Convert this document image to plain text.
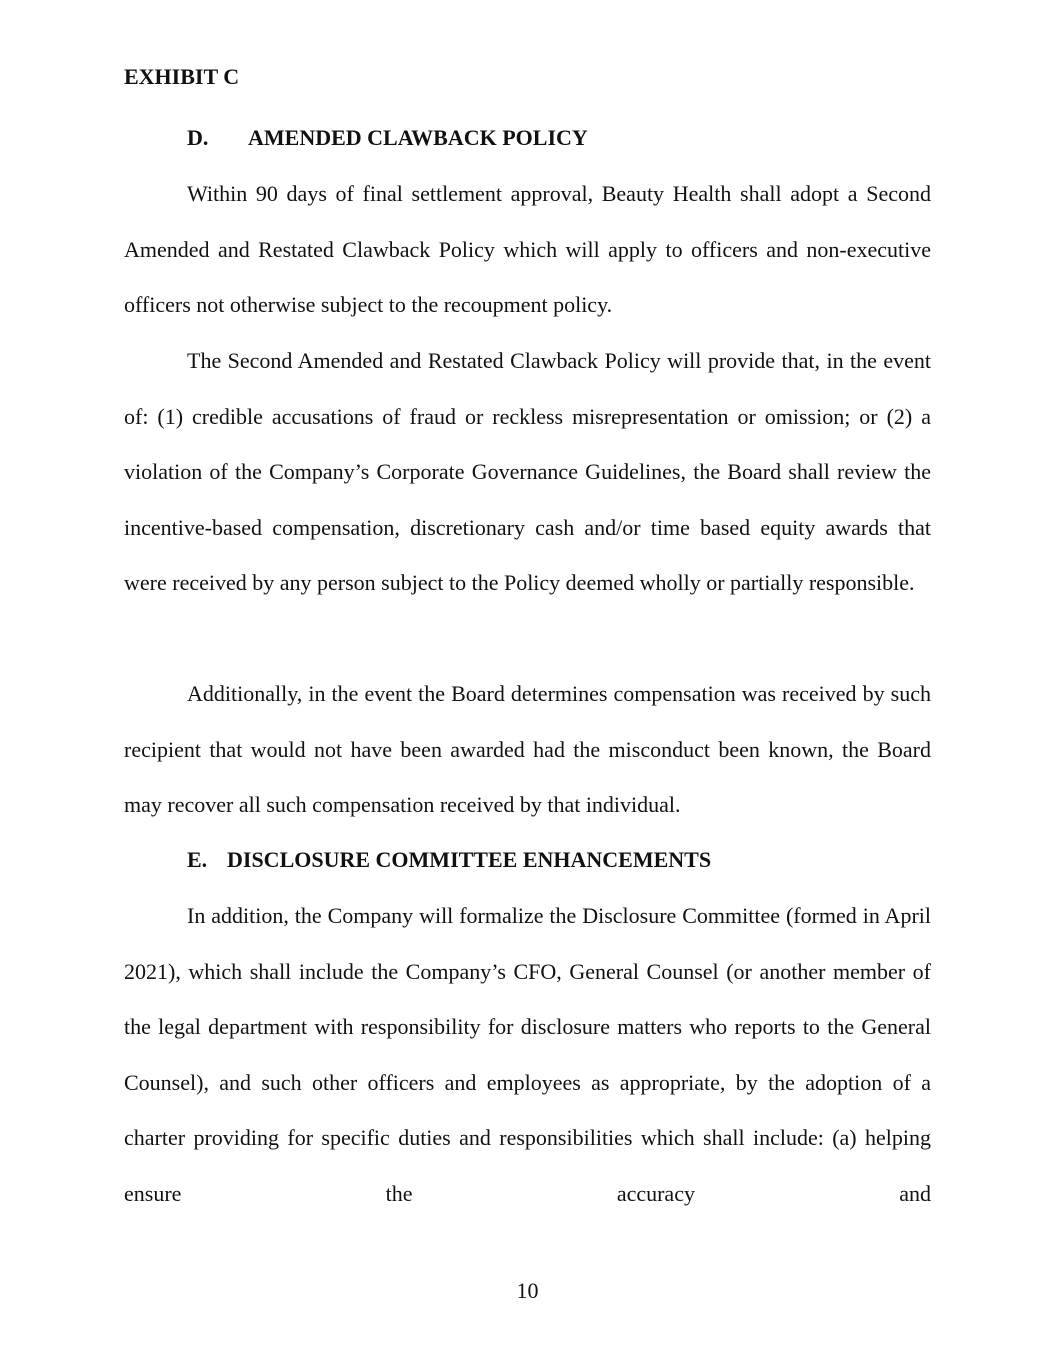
EXHIBIT C
D. AMENDED CLAWBACK POLICY

Within 90 days of final settlement approval, Beauty Health shall adopt a Second Amended and Restated Clawback Policy which will apply to officers and non-executive officers not otherwise subject to the recoupment policy.

The Second Amended and Restated Clawback Policy will provide that, in the event of: (1) credible accusations of fraud or reckless misrepresentation or omission; or (2) a violation of the Company’s Corporate Governance Guidelines, the Board shall review the incentive-based compensation, discretionary cash and/or time based equity awards that were received by any person subject to the Policy deemed wholly or partially responsible.

Additionally, in the event the Board determines compensation was received by such recipient that would not have been awarded had the misconduct been known, the Board may recover all such compensation received by that individual.

E. DISCLOSURE COMMITTEE ENHANCEMENTS

In addition, the Company will formalize the Disclosure Committee (formed in April 2021), which shall include the Company’s CFO, General Counsel (or another member of the legal department with responsibility for disclosure matters who reports to the General Counsel), and such other officers and employees as appropriate, by the adoption of a charter providing for specific duties and responsibilities which shall include: (a) helping ensure the accuracy and

10
